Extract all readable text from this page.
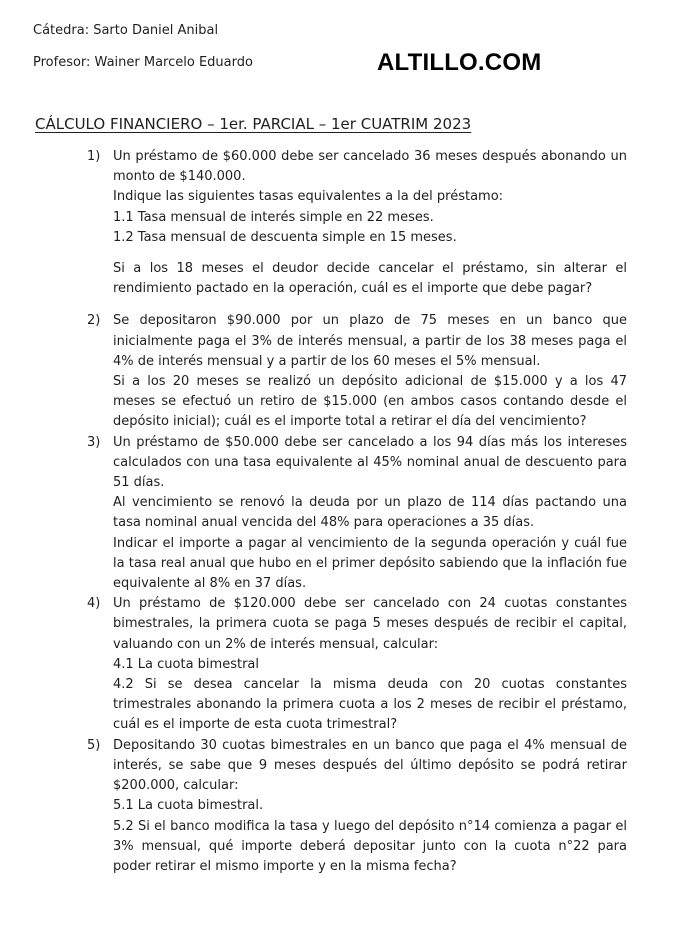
Cátedra: Sarto Daniel Anibal
Profesor: Wainer Marcelo Eduardo	ALTILLO.COM
CÁLCULO FINANCIERO – 1er. PARCIAL – 1er CUATRIM 2023
1) Un préstamo de $60.000 debe ser cancelado 36 meses después abonando un monto de $140.000.

Indique las siguientes tasas equivalentes a la del préstamo:

1.1 Tasa mensual de interés simple en 22 meses.

1.2 Tasa mensual de descuenta simple en 15 meses.

Si a los 18 meses el deudor decide cancelar el préstamo, sin alterar el rendimiento pactado en la operación, cuál es el importe que debe pagar?

2) Se depositaron $90.000 por un plazo de 75 meses en un banco que inicialmente paga el 3% de interés mensual, a partir de los 38 meses paga el 4% de interés mensual y a partir de los 60 meses el 5% mensual.

Si a los 20 meses se realizó un depósito adicional de $15.000 y a los 47 meses se efectuó un retiro de $15.000 (en ambos casos contando desde el depósito inicial); cuál es el importe total a retirar el día del vencimiento?

3) Un préstamo de $50.000 debe ser cancelado a los 94 días más los intereses calculados con una tasa equivalente al 45% nominal anual de descuento para 51 días.

Al vencimiento se renovó la deuda por un plazo de 114 días pactando una tasa nominal anual vencida del 48% para operaciones a 35 días.

Indicar el importe a pagar al vencimiento de la segunda operación y cuál fue la tasa real anual que hubo en el primer depósito sabiendo que la inflación fue equivalente al 8% en 37 días.

4) Un préstamo de $120.000 debe ser cancelado con 24 cuotas constantes bimestrales, la primera cuota se paga 5 meses después de recibir el capital, valuando con un 2% de interés mensual, calcular:

4.1 La cuota bimestral

4.2 Si se desea cancelar la misma deuda con 20 cuotas constantes trimestrales abonando la primera cuota a los 2 meses de recibir el préstamo, cuál es el importe de esta cuota trimestral?

5) Depositando 30 cuotas bimestrales en un banco que paga el 4% mensual de interés, se sabe que 9 meses después del último depósito se podrá retirar $200.000, calcular:

5.1 La cuota bimestral.

5.2 Si el banco modifica la tasa y luego del depósito n°14 comienza a pagar el 3% mensual, qué importe deberá depositar junto con la cuota n°22 para poder retirar el mismo importe y en la misma fecha?
